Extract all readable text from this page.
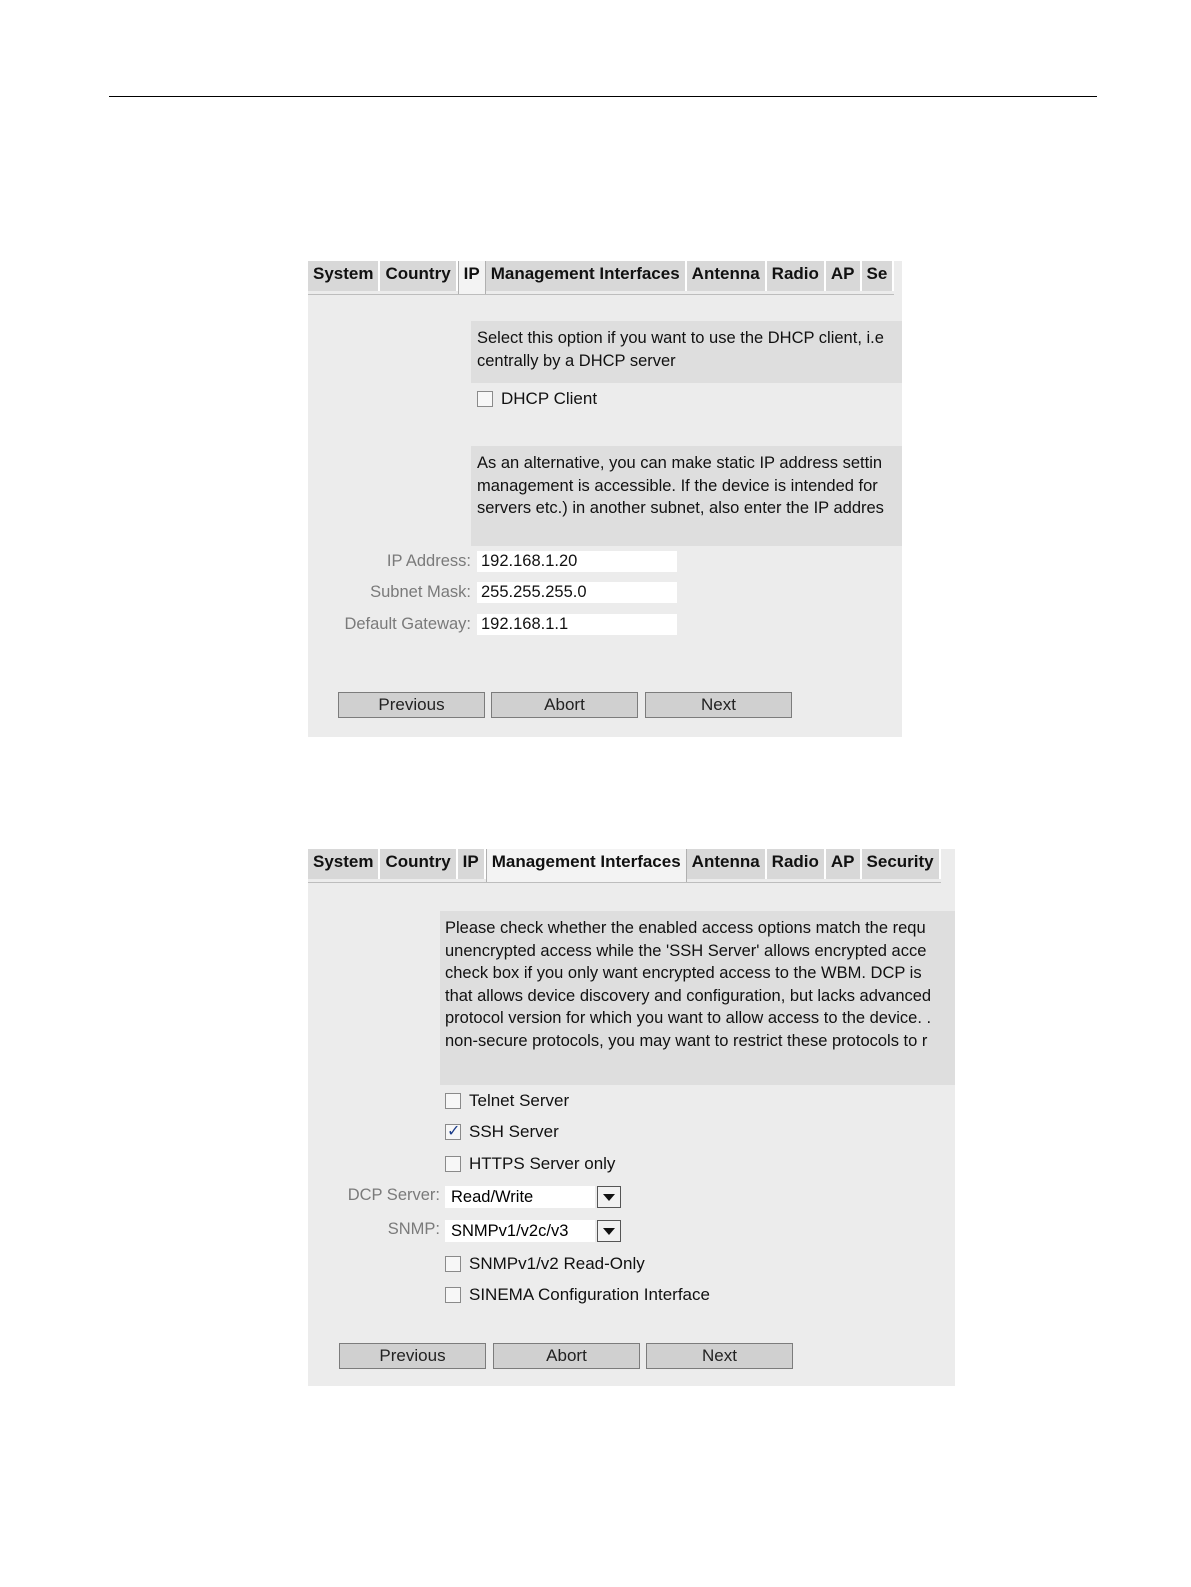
System Country IP Management Interfaces Antenna Radio AP Se
Select this option if you want to use the DHCP client, i.e
centrally by a DHCP server
DHCP Client
As an alternative, you can make static IP address settin
management is accessible. If the device is intended for
servers etc.) in another subnet, also enter the IP addres
IP Address: 192.168.1.20
Subnet Mask: 255.255.255.0
Default Gateway: 192.168.1.1
Previous	Abort	Next
System Country IP Management Interfaces Antenna Radio AP Security
Please check whether the enabled access options match the requ
unencrypted access while the 'SSH Server' allows encrypted acce
check box if you only want encrypted access to the WBM. DCP is
that allows device discovery and configuration, but lacks advanced
protocol version for which you want to allow access to the device. .
non-secure protocols, you may want to restrict these protocols to r
Telnet Server
✓
SSH Server
HTTPS Server only
DCP Server: Read/Write
SNMP: SNMPv1/v2c/v3
SNMPv1/v2 Read-Only
SINEMA Configuration Interface
Previous	Abort	Next
